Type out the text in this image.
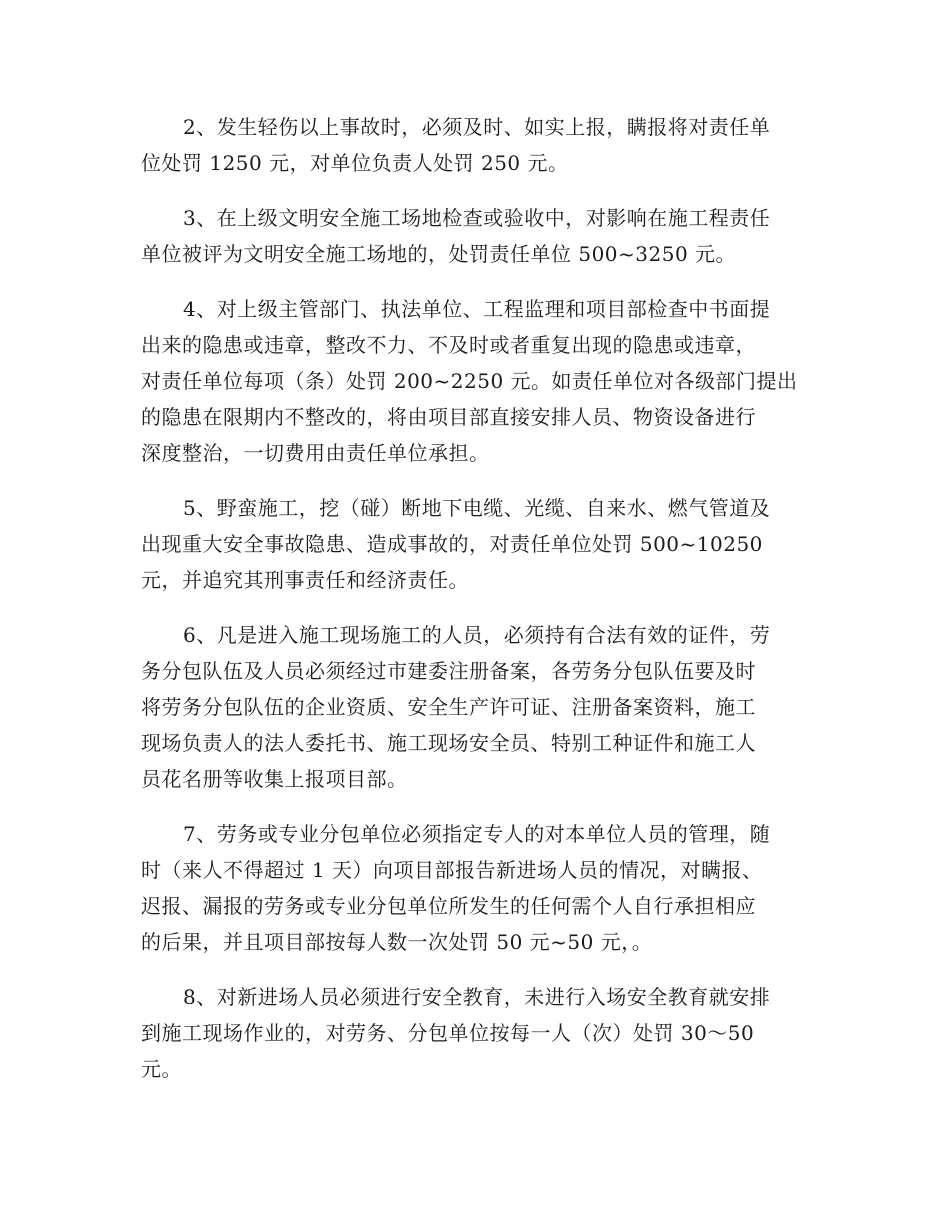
2、发生轻伤以上事故时，必须及时、如实上报，瞒报将对责任单
位处罚 1250 元，对单位负责人处罚 250 元。

3、在上级文明安全施工场地检查或验收中，对影响在施工程责任
单位被评为文明安全施工场地的，处罚责任单位 500~3250 元。

4、对上级主管部门、执法单位、工程监理和项目部检查中书面提
出来的隐患或违章，整改不力、不及时或者重复出现的隐患或违章，
对责任单位每项（条）处罚 200~2250 元。如责任单位对各级部门提出
的隐患在限期内不整改的，将由项目部直接安排人员、物资设备进行
深度整治，一切费用由责任单位承担。

5、野蛮施工，挖（碰）断地下电缆、光缆、自来水、燃气管道及
出现重大安全事故隐患、造成事故的，对责任单位处罚 500~10250
元，并追究其刑事责任和经济责任。

6、凡是进入施工现场施工的人员，必须持有合法有效的证件，劳
务分包队伍及人员必须经过市建委注册备案，各劳务分包队伍要及时
将劳务分包队伍的企业资质、安全生产许可证、注册备案资料，施工
现场负责人的法人委托书、施工现场安全员、特别工种证件和施工人
员花名册等收集上报项目部。

7、劳务或专业分包单位必须指定专人的对本单位人员的管理，随
时（来人不得超过 1 天）向项目部报告新进场人员的情况，对瞒报、
迟报、漏报的劳务或专业分包单位所发生的任何需个人自行承担相应
的后果，并且项目部按每人数一次处罚 50 元~50 元，。

8、对新进场人员必须进行安全教育，未进行入场安全教育就安排
到施工现场作业的，对劳务、分包单位按每一人（次）处罚 30～50
元。
